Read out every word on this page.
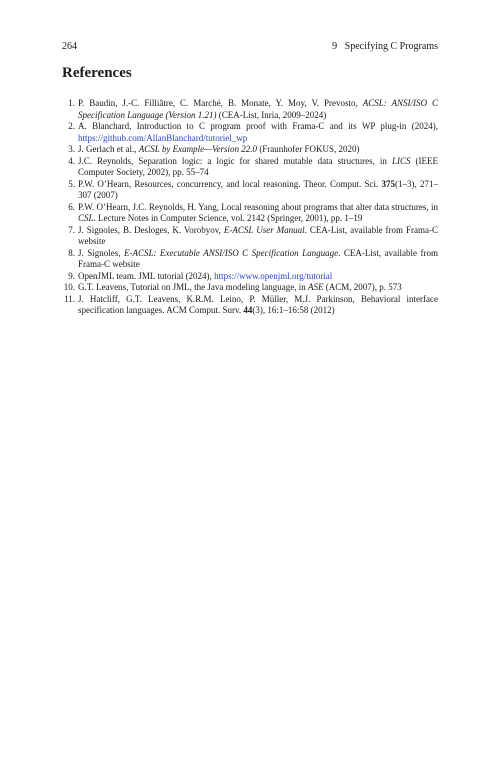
264	9   Specifying C Programs
References
1. P. Baudin, J.-C. Filliâtre, C. Marché, B. Monate, Y. Moy, V. Prevosto, ACSL: ANSI/ISO C Specification Language (Version 1.21) (CEA-List, Inria, 2009–2024)
2. A. Blanchard, Introduction to C program proof with Frama-C and its WP plug-in (2024), https://github.com/AllanBlanchard/tutoriel_wp
3. J. Gerlach et al., ACSL by Example—Version 22.0 (Fraunhofer FOKUS, 2020)
4. J.C. Reynolds, Separation logic: a logic for shared mutable data structures, in LICS (IEEE Computer Society, 2002), pp. 55–74
5. P.W. O’Hearn, Resources, concurrency, and local reasoning. Theor. Comput. Sci. 375(1–3), 271–307 (2007)
6. P.W. O’Hearn, J.C. Reynolds, H. Yang, Local reasoning about programs that alter data structures, in CSL. Lecture Notes in Computer Science, vol. 2142 (Springer, 2001), pp. 1–19
7. J. Signoles, B. Desloges, K. Vorobyov, E-ACSL User Manual. CEA-List, available from Frama-C website
8. J. Signoles, E-ACSL: Executable ANSI/ISO C Specification Language. CEA-List, available from Frama-C website
9. OpenJML team. JML tutorial (2024), https://www.openjml.org/tutorial
10. G.T. Leavens, Tutorial on JML, the Java modeling language, in ASE (ACM, 2007), p. 573
11. J. Hatcliff, G.T. Leavens, K.R.M. Leino, P. Müller, M.J. Parkinson, Behavioral interface specification languages. ACM Comput. Surv. 44(3), 16:1–16:58 (2012)
